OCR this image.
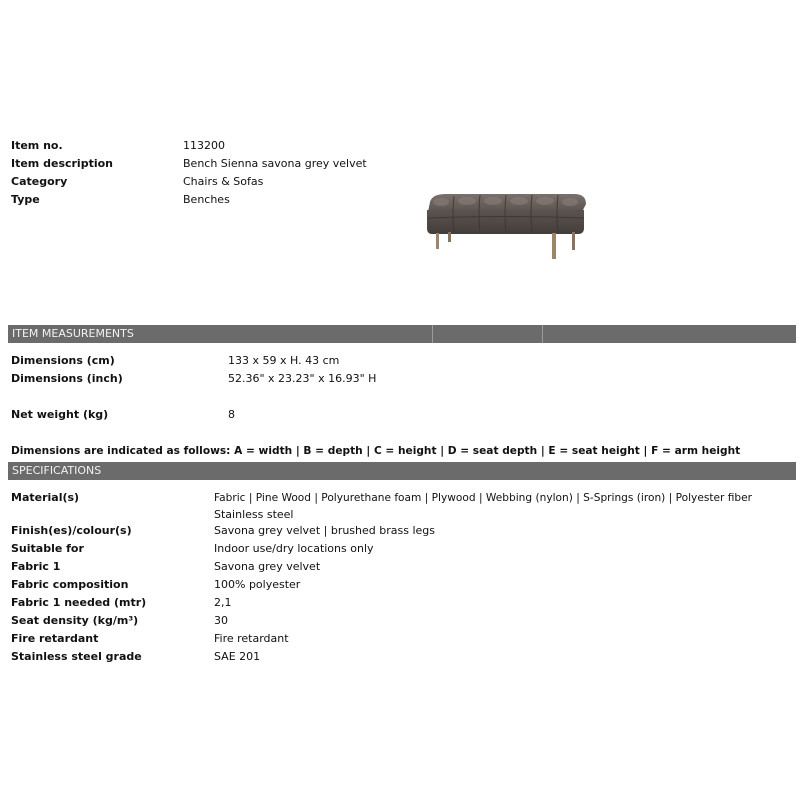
Item no.	113200
Item description	Bench Sienna savona grey velvet
Category	Chairs & Sofas
Type	Benches
ITEM MEASUREMENTS
Dimensions (cm)	133 x 59 x H. 43 cm
Dimensions (inch)	52.36" x 23.23" x 16.93" H
Net weight (kg)	8
Dimensions are indicated as follows: A = width | B = depth | C = height | D = seat depth | E = seat height | F = arm height
SPECIFICATIONS
Material(s)	Fabric | Pine Wood | Polyurethane foam | Plywood | Webbing (nylon) | S-Springs (iron) | Polyester fiber
Stainless steel
Finish(es)/colour(s)	Savona grey velvet | brushed brass legs
Suitable for	Indoor use/dry locations only
Fabric 1	Savona grey velvet
Fabric composition	100% polyester
Fabric 1 needed (mtr)	2,1
Seat density (kg/m³)	30
Fire retardant	Fire retardant
Stainless steel grade	SAE 201
